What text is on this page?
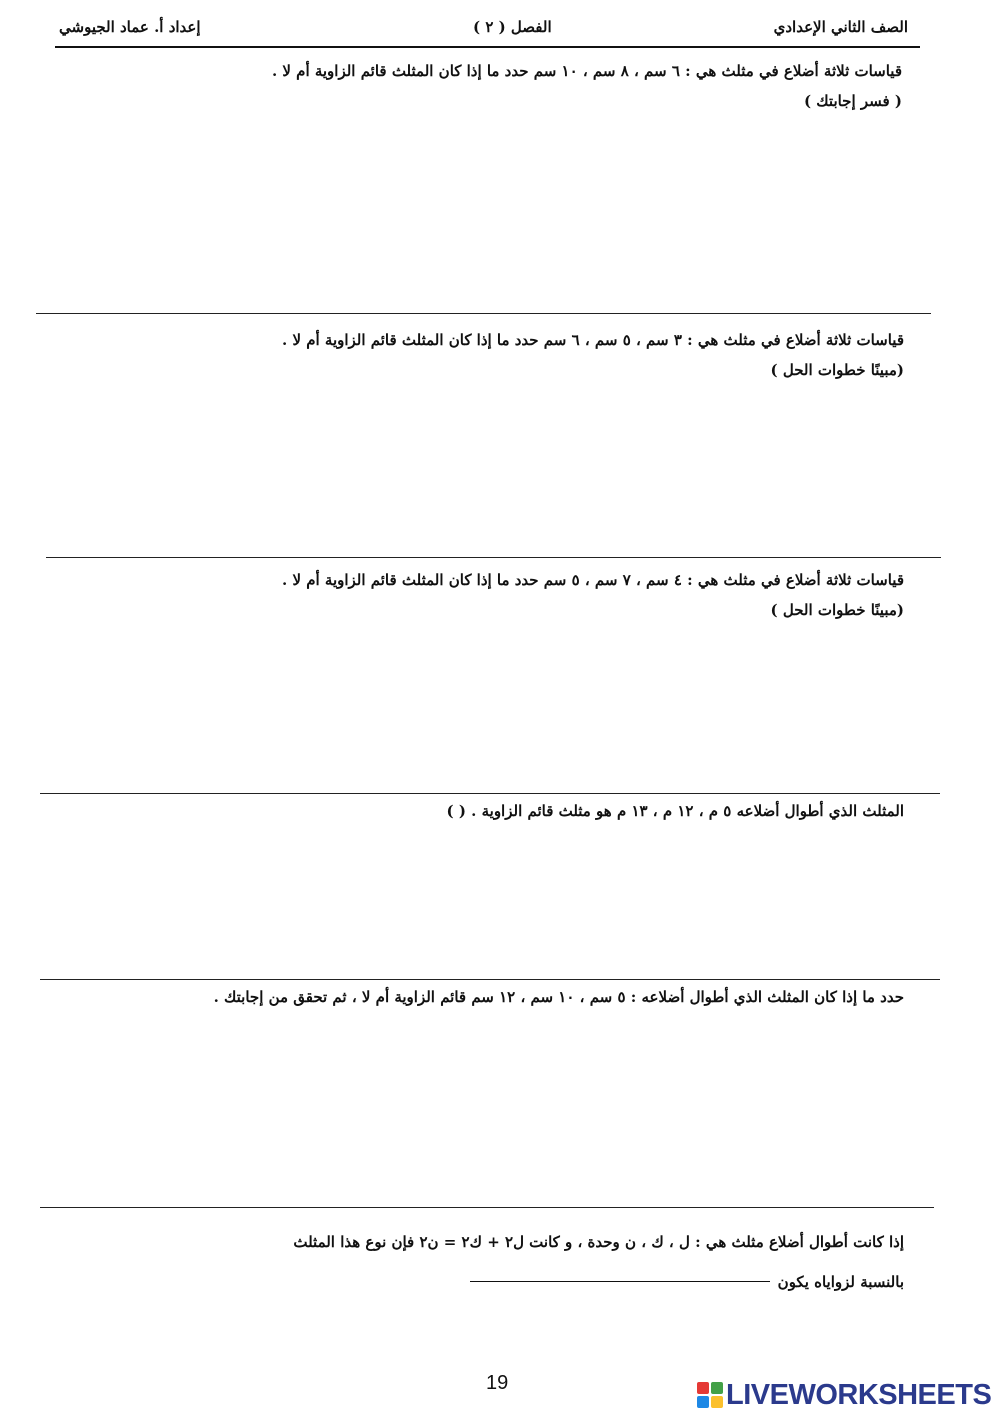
الصف الثاني الإعدادي
الفصل ( ٢ )
إعداد أ. عماد الجيوشي
قياسات ثلاثة أضلاع في مثلث هي : ٦ سم ، ٨ سم ، ١٠ سم حدد ما إذا كان المثلث قائم الزاوية أم لا .
( فسر إجابتك )
قياسات ثلاثة أضلاع في مثلث هي : ٣ سم ، ٥ سم ، ٦ سم حدد ما إذا كان المثلث قائم الزاوية أم لا .
(مبينًا خطوات الحل )
قياسات ثلاثة أضلاع في مثلث هي : ٤ سم ، ٧ سم ، ٥ سم حدد ما إذا كان المثلث قائم الزاوية أم لا .
(مبينًا خطوات الحل )
المثلث الذي أطوال أضلاعه ٥ م ، ١٢ م ، ١٣ م هو مثلث قائم الزاوية . ( )
حدد ما إذا كان المثلث الذي أطوال أضلاعه : ٥ سم ، ١٠ سم ، ١٢ سم قائم الزاوية أم لا ، ثم تحقق من إجابتك .
إذا كانت أطوال أضلاع مثلث هي : ل ، ك ، ن وحدة ، و كانت ل٢ + ك٢ = ن٢ فإن نوع هذا المثلث
بالنسبة لزواياه يكون
19	LIVEWORKSHEETS
